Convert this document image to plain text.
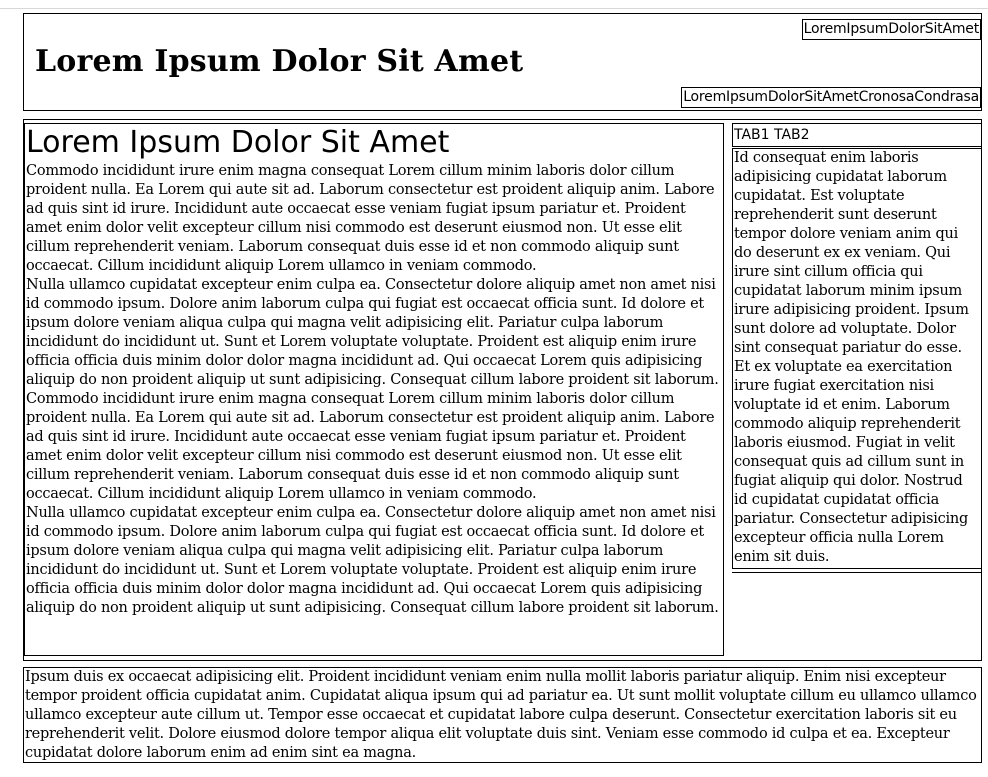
Lorem Ipsum Dolor Sit Amet
LoremIpsumDolorSitAmet
LoremIpsumDolorSitAmetCronosaCondrasa
Lorem Ipsum Dolor Sit Amet

Commodo incididunt irure enim magna consequat Lorem cillum minim laboris dolor cillum proident nulla. Ea Lorem qui aute sit ad. Laborum consectetur est proident aliquip anim. Labore ad quis sint id irure. Incididunt aute occaecat esse veniam fugiat ipsum pariatur et. Proident amet enim dolor velit excepteur cillum nisi commodo est deserunt eiusmod non. Ut esse elit cillum reprehenderit veniam. Laborum consequat duis esse id et non commodo aliquip sunt occaecat. Cillum incididunt aliquip Lorem ullamco in veniam commodo.

Nulla ullamco cupidatat excepteur enim culpa ea. Consectetur dolore aliquip amet non amet nisi id commodo ipsum. Dolore anim laborum culpa qui fugiat est occaecat officia sunt. Id dolore et ipsum dolore veniam aliqua culpa qui magna velit adipisicing elit. Pariatur culpa laborum incididunt do incididunt ut. Sunt et Lorem voluptate voluptate. Proident est aliquip enim irure officia officia duis minim dolor dolor magna incididunt ad. Qui occaecat Lorem quis adipisicing aliquip do non proident aliquip ut sunt adipisicing. Consequat cillum labore proident sit laborum.

Commodo incididunt irure enim magna consequat Lorem cillum minim laboris dolor cillum proident nulla. Ea Lorem qui aute sit ad. Laborum consectetur est proident aliquip anim. Labore ad quis sint id irure. Incididunt aute occaecat esse veniam fugiat ipsum pariatur et. Proident amet enim dolor velit excepteur cillum nisi commodo est deserunt eiusmod non. Ut esse elit cillum reprehenderit veniam. Laborum consequat duis esse id et non commodo aliquip sunt occaecat. Cillum incididunt aliquip Lorem ullamco in veniam commodo.

Nulla ullamco cupidatat excepteur enim culpa ea. Consectetur dolore aliquip amet non amet nisi id commodo ipsum. Dolore anim laborum culpa qui fugiat est occaecat officia sunt. Id dolore et ipsum dolore veniam aliqua culpa qui magna velit adipisicing elit. Pariatur culpa laborum incididunt do incididunt ut. Sunt et Lorem voluptate voluptate. Proident est aliquip enim irure officia officia duis minim dolor dolor magna incididunt ad. Qui occaecat Lorem quis adipisicing aliquip do non proident aliquip ut sunt adipisicing. Consequat cillum labore proident sit laborum.

TAB1 TAB2
Id consequat enim laboris adipisicing cupidatat laborum cupidatat. Est voluptate reprehenderit sunt deserunt tempor dolore veniam anim qui do deserunt ex ex veniam. Qui irure sint cillum officia qui cupidatat laborum minim ipsum irure adipisicing proident. Ipsum sunt dolore ad voluptate. Dolor sint consequat pariatur do esse. Et ex voluptate ea exercitation irure fugiat exercitation nisi voluptate id et enim. Laborum commodo aliquip reprehenderit laboris eiusmod. Fugiat in velit consequat quis ad cillum sunt in fugiat aliquip qui dolor. Nostrud id cupidatat cupidatat officia pariatur. Consectetur adipisicing excepteur officia nulla Lorem enim sit duis.

Ipsum duis ex occaecat adipisicing elit. Proident incididunt veniam enim nulla mollit laboris pariatur aliquip. Enim nisi excepteur tempor proident officia cupidatat anim. Cupidatat aliqua ipsum qui ad pariatur ea. Ut sunt mollit voluptate cillum eu ullamco ullamco ullamco excepteur aute cillum ut. Tempor esse occaecat et cupidatat labore culpa deserunt. Consectetur exercitation laboris sit eu reprehenderit velit. Dolore eiusmod dolore tempor aliqua elit voluptate duis sint. Veniam esse commodo id culpa et ea. Excepteur cupidatat dolore laborum enim ad enim sint ea magna.
